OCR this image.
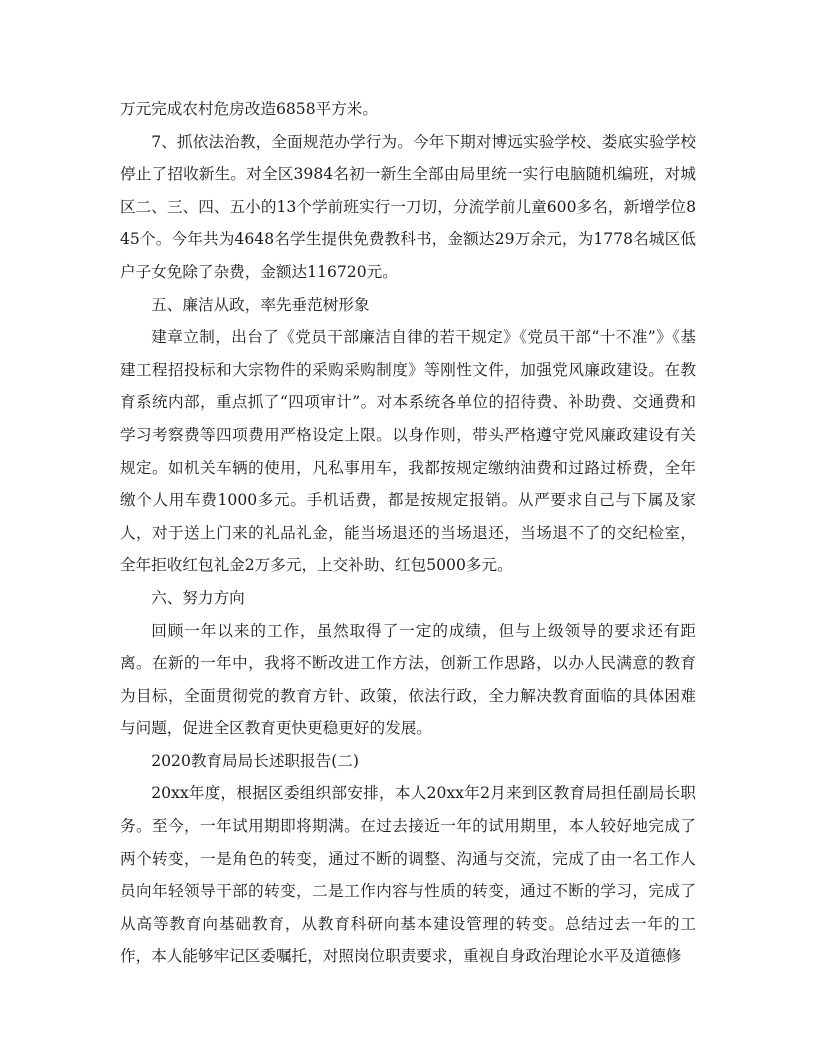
万元完成农村危房改造6858平方米。

7、抓依法治教，全面规范办学行为。今年下期对博远实验学校、娄底实验学校停止了招收新生。对全区3984名初一新生全部由局里统一实行电脑随机编班，对城区二、三、四、五小的13个学前班实行一刀切，分流学前儿童600多名，新增学位845个。今年共为4648名学生提供免费教科书，金额达29万余元，为1778名城区低户子女免除了杂费，金额达116720元。

五、廉洁从政，率先垂范树形象

建章立制，出台了《党员干部廉洁自律的若干规定》《党员干部“十不准”》《基建工程招投标和大宗物件的采购采购制度》等刚性文件，加强党风廉政建设。在教育系统内部，重点抓了“四项审计”。对本系统各单位的招待费、补助费、交通费和学习考察费等四项费用严格设定上限。以身作则，带头严格遵守党风廉政建设有关规定。如机关车辆的使用，凡私事用车，我都按规定缴纳油费和过路过桥费，全年缴个人用车费1000多元。手机话费，都是按规定报销。从严要求自己与下属及家人，对于送上门来的礼品礼金，能当场退还的当场退还，当场退不了的交纪检室，全年拒收红包礼金2万多元，上交补助、红包5000多元。

六、努力方向

回顾一年以来的工作，虽然取得了一定的成绩，但与上级领导的要求还有距离。在新的一年中，我将不断改进工作方法，创新工作思路，以办人民满意的教育为目标，全面贯彻党的教育方针、政策，依法行政，全力解决教育面临的具体困难与问题，促进全区教育更快更稳更好的发展。

2020教育局局长述职报告(二)

20xx年度，根据区委组织部安排，本人20xx年2月来到区教育局担任副局长职务。至今，一年试用期即将期满。在过去接近一年的试用期里，本人较好地完成了两个转变，一是角色的转变，通过不断的调整、沟通与交流，完成了由一名工作人员向年轻领导干部的转变，二是工作内容与性质的转变，通过不断的学习，完成了从高等教育向基础教育，从教育科研向基本建设管理的转变。总结过去一年的工作，本人能够牢记区委嘱托，对照岗位职责要求，重视自身政治理论水平及道德修
